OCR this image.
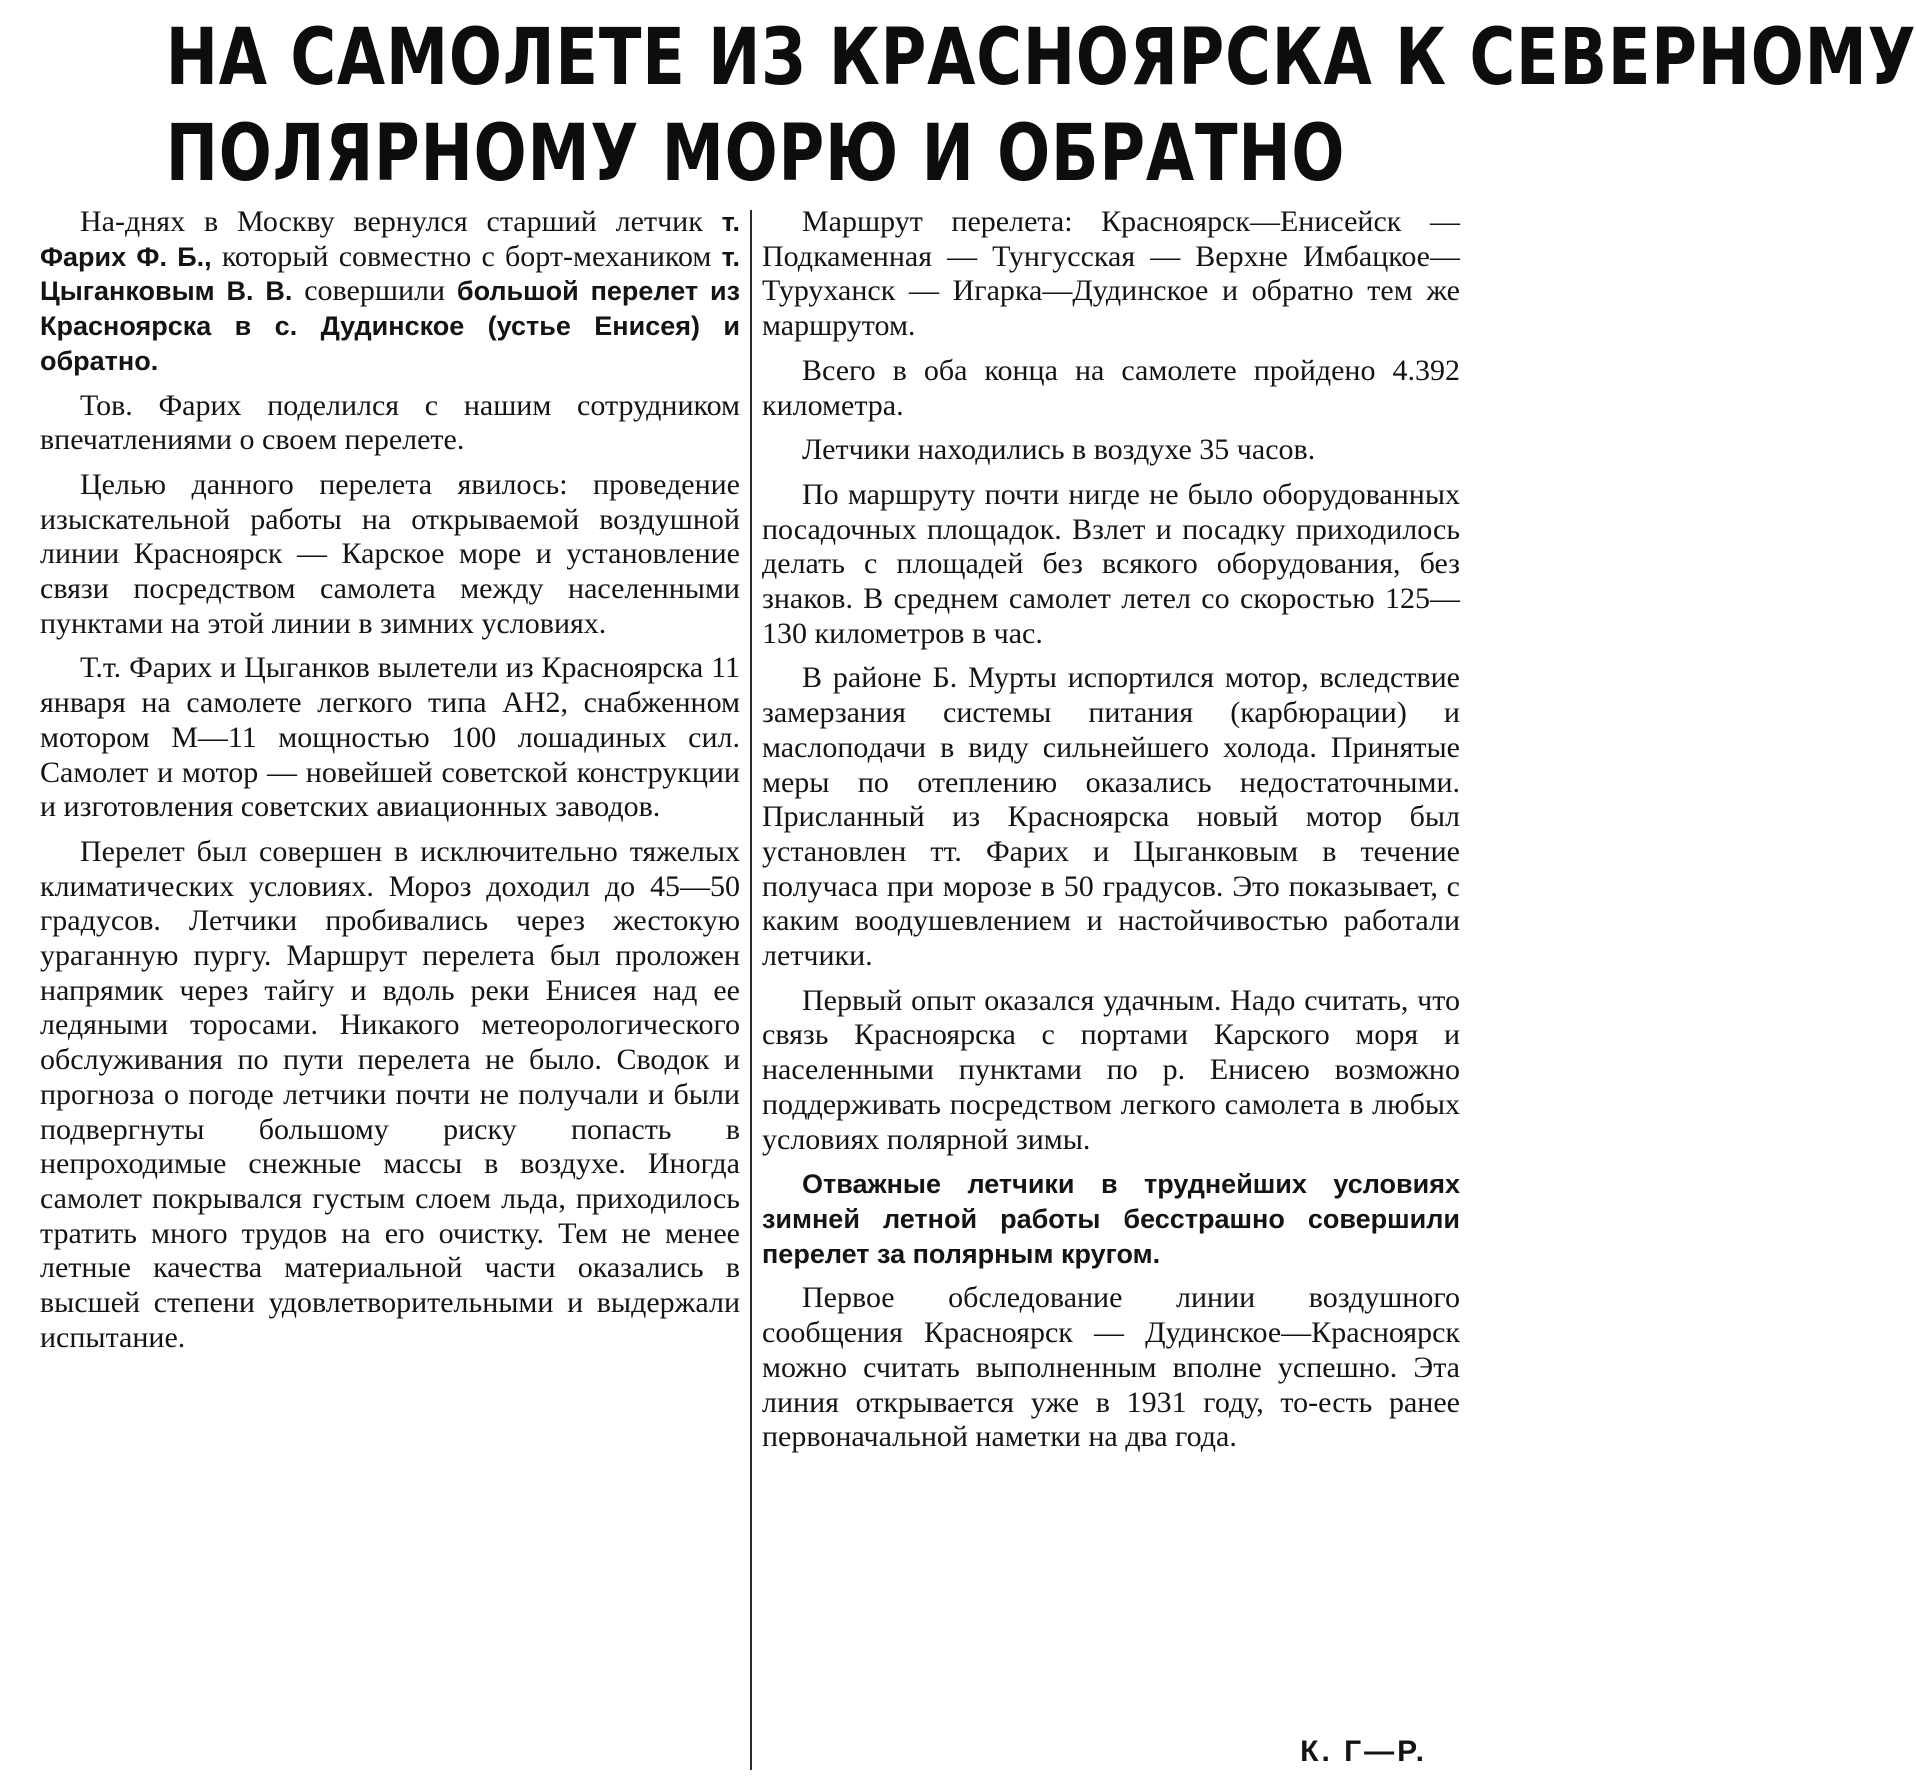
НА САМОЛЕТЕ ИЗ КРАСНОЯРСКА К СЕВЕРНОМУ
ПОЛЯРНОМУ МОРЮ И ОБРАТНО

На-днях в Москву вернулся старший летчик т. Фарих Ф. Б., который совместно с борт-механиком т. Цыганковым В. В. совершили большой перелет из Красноярска в с. Дудинское (устье Енисея) и обратно.

Тов. Фарих поделился с нашим сотрудником впечатлениями о своем перелете.

Целью данного перелета явилось: проведение изыскательной работы на открываемой воздушной линии Красноярск — Карское море и установление связи посредством самолета между населенными пунктами на этой линии в зимних условиях.

Т.т. Фарих и Цыганков вылетели из Красноярска 11 января на самолете легкого типа АН2, снабженном мотором М—11 мощностью 100 лошадиных сил. Самолет и мотор — новейшей советской конструкции и изготовления советских авиационных заводов.

Перелет был совершен в исключительно тяжелых климатических условиях. Мороз доходил до 45—50 градусов. Летчики пробивались через жестокую ураганную пургу. Маршрут перелета был проложен напрямик через тайгу и вдоль реки Енисея над ее ледяными торосами. Никакого метеорологического обслуживания по пути перелета не было. Сводок и прогноза о погоде летчики почти не получали и были подвергнуты большому риску попасть в непроходимые снежные массы в воздухе. Иногда самолет покрывался густым слоем льда, приходилось тратить много трудов на его очистку. Тем не менее летные качества материальной части оказались в высшей степени удовлетворительными и выдержали испытание.

Маршрут перелета: Красноярск—Енисейск — Подкаменная — Тунгусская — Верхне Имбацкое—Туруханск — Игарка—Дудинское и обратно тем же маршрутом.

Всего в оба конца на самолете пройдено 4.392 километра.

Летчики находились в воздухе 35 часов.

По маршруту почти нигде не было оборудованных посадочных площадок. Взлет и посадку приходилось делать с площадей без всякого оборудования, без знаков. В среднем самолет летел со скоростью 125—130 километров в час.

В районе Б. Мурты испортился мотор, вследствие замерзания системы питания (карбюрации) и маслоподачи в виду сильнейшего холода. Принятые меры по отеплению оказались недостаточными. Присланный из Красноярска новый мотор был установлен тт. Фарих и Цыганковым в течение получаса при морозе в 50 градусов. Это показывает, с каким воодушевлением и настойчивостью работали летчики.

Первый опыт оказался удачным. Надо считать, что связь Красноярска с портами Карского моря и населенными пунктами по р. Енисею возможно поддерживать посредством легкого самолета в любых условиях полярной зимы.

Отважные летчики в труднейших условиях зимней летной работы бесстрашно совершили перелет за полярным кругом.

Первое обследование линии воздушного сообщения Красноярск — Дудинское—Красноярск можно считать выполненным вполне успешно. Эта линия открывается уже в 1931 году, то-есть ранее первоначальной наметки на два года.

К. Г—Р.
